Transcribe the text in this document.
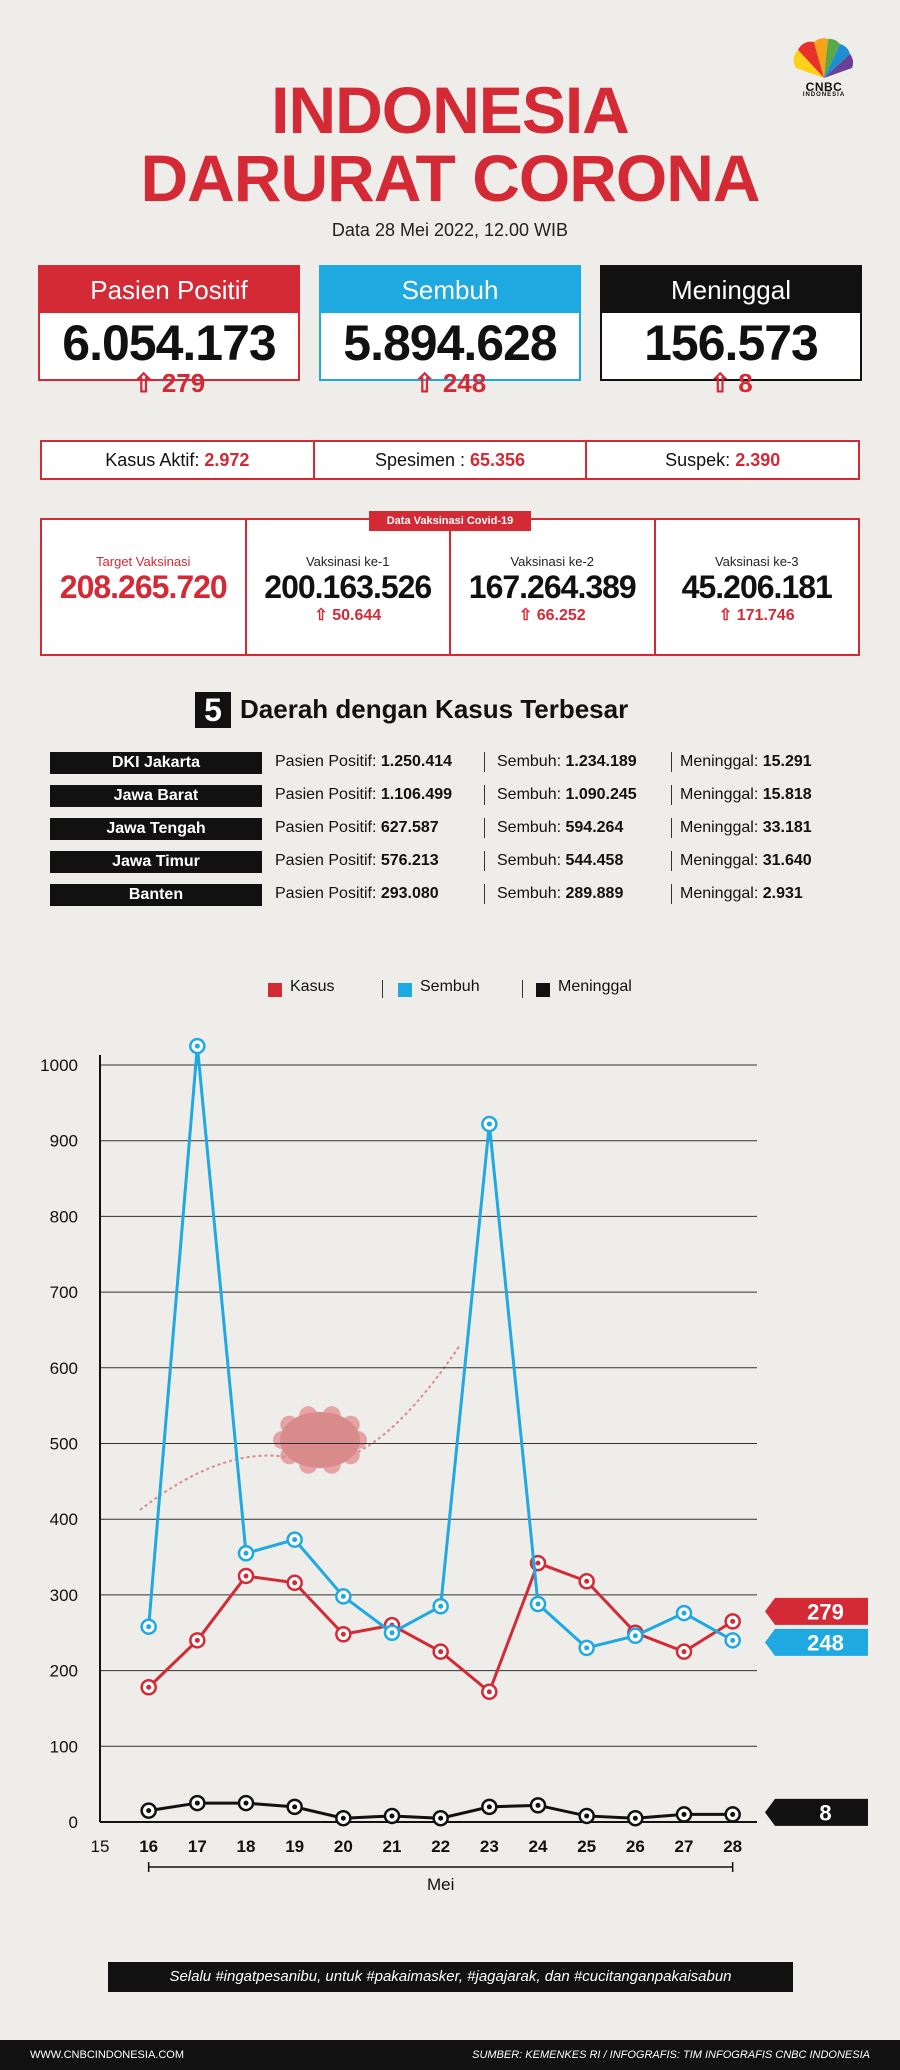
CNBC
INDONESIA
INDONESIA
DARURAT CORONA
Data 28 Mei 2022, 12.00 WIB
Pasien Positif
6.054.173
⇧ 279
Sembuh
5.894.628
⇧ 248
Meninggal
156.573
⇧ 8
Kasus Aktif: 2.972	Spesimen : 65.356	Suspek: 2.390
Target Vaksinasi
208.265.720
Vaksinasi ke-1
200.163.526
⇧ 50.644
Vaksinasi ke-2
167.264.389
⇧ 66.252
Vaksinasi ke-3
45.206.181
⇧ 171.746
Data Vaksinasi Covid-19
5 Daerah dengan Kasus Terbesar
DKI Jakarta	Pasien Positif: 1.250.414	Sembuh: 1.234.189	Meninggal: 15.291
Jawa Barat	Pasien Positif: 1.106.499	Sembuh: 1.090.245	Meninggal: 15.818
Jawa Tengah	Pasien Positif: 627.587	Sembuh: 594.264	Meninggal: 33.181
Jawa Timur	Pasien Positif: 576.213	Sembuh: 544.458	Meninggal: 31.640
Banten	Pasien Positif: 293.080	Sembuh: 289.889	Meninggal: 2.931
Kasus	Sembuh	Meninggal
0
100
200
300
400
500
600
700
800
900
1000
15 16 17 18 19 20 21 22 23 24 25 26 27 28
Mei
279
248
8
Selalu #ingatpesanibu, untuk #pakaimasker, #jagajarak, dan #cucitanganpakaisabun
WWW.CNBCINDONESIA.COM	SUMBER: KEMENKES RI / INFOGRAFIS: TIM INFOGRAFIS CNBC INDONESIA
